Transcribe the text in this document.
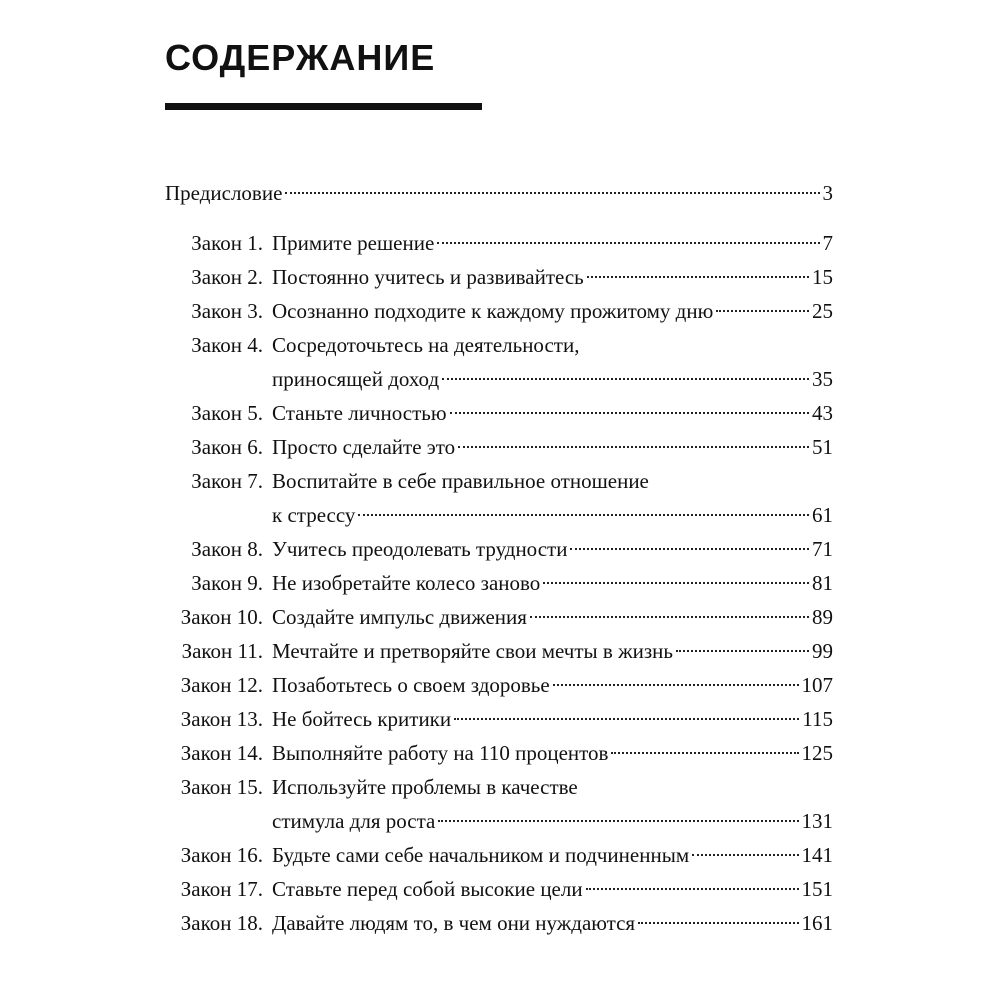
СОДЕРЖАНИЕ
Предисловие	3
Закон 1. Примите решение	7
Закон 2. Постоянно учитесь и развивайтесь	15
Закон 3. Осознанно подходите к каждому прожитому дню	25
Закон 4. Сосредоточьтесь на деятельности,
приносящей доход	35
Закон 5. Станьте личностью	43
Закон 6. Просто сделайте это	51
Закон 7. Воспитайте в себе правильное отношение
к стрессу	61
Закон 8. Учитесь преодолевать трудности	71
Закон 9. Не изобретайте колесо заново	81
Закон 10. Создайте импульс движения	89
Закон 11. Мечтайте и претворяйте свои мечты в жизнь	99
Закон 12. Позаботьтесь о своем здоровье	107
Закон 13. Не бойтесь критики	115
Закон 14. Выполняйте работу на 110 процентов	125
Закон 15. Используйте проблемы в качестве
стимула для роста	131
Закон 16. Будьте сами себе начальником и подчиненным	141
Закон 17. Ставьте перед собой высокие цели	151
Закон 18. Давайте людям то, в чем они нуждаются	161
